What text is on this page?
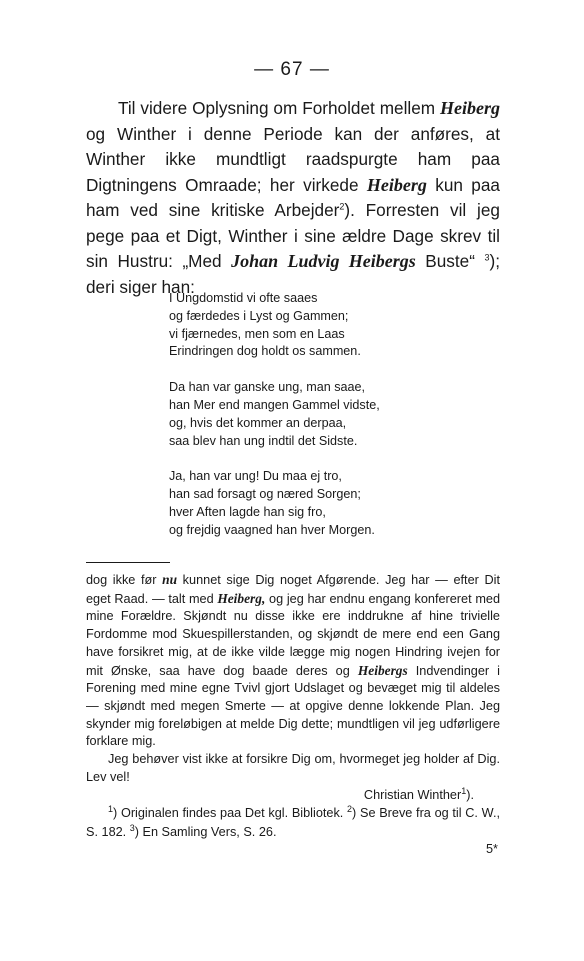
— 67 —

Til videre Oplysning om Forholdet mellem Heiberg og Winther i denne Periode kan der anføres, at Winther ikke mundtligt raadspurgte ham paa Digtningens Omraade; her virkede Heiberg kun paa ham ved sine kritiske Arbejder$^2$). Forresten vil jeg pege paa et Digt, Winther i sine ældre Dage skrev til sin Hustru: „Med Johan Ludvig Heibergs Buste“ $^3$); deri siger han:

I Ungdomstid vi ofte saaes
og færdedes i Lyst og Gammen;
vi fjærnedes, men som en Laas
Erindringen dog holdt os sammen.
Da han var ganske ung, man saae,
han Mer end mangen Gammel vidste,
og, hvis det kommer an derpaa,
saa blev han ung indtil det Sidste.
Ja, han var ung! Du maa ej tro,
han sad forsagt og næred Sorgen;
hver Aften lagde han sig fro,
og frejdig vaagned han hver Morgen.

dog ikke før nu kunnet sige Dig noget Afgørende. Jeg har — efter Dit eget Raad. — talt med Heiberg, og jeg har endnu engang konfereret med mine Forældre. Skjøndt nu disse ikke ere inddrukne af hine trivielle Fordomme mod Skuespillerstanden, og skjøndt de mere end een Gang have forsikret mig, at de ikke vilde lægge mig nogen Hindring ivejen for mit Ønske, saa have dog baade deres og Heibergs Indvendinger i Forening med mine egne Tvivl gjort Udslaget og bevæget mig til aldeles — skjøndt med megen Smerte — at opgive denne lokkende Plan. Jeg skynder mig foreløbigen at melde Dig dette; mundtligen vil jeg udførligere forklare mig.

Jeg behøver vist ikke at forsikre Dig om, hvormeget jeg holder af Dig. Lev vel!

Christian Winther$^1$).

$^1$) Originalen findes paa Det kgl. Bibliotek. $^2$) Se Breve fra og til C. W., S. 182. $^3$) En Samling Vers, S. 26.

5*
